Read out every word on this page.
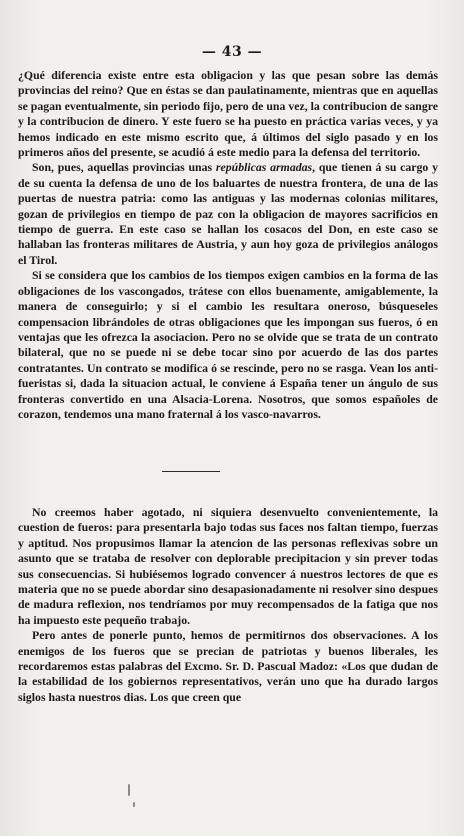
— 43 —

¿Qué diferencia existe entre esta obligacion y las que pesan sobre las demás provincias del reino? Que en éstas se dan paulatinamente, mientras que en aquellas se pagan eventualmente, sin periodo fijo, pero de una vez, la contribucion de sangre y la contribucion de dinero. Y este fuero se ha puesto en práctica varias veces, y ya hemos indicado en este mismo escrito que, á últimos del siglo pasado y en los primeros años del presente, se acudió á este medio para la defensa del territorio.

Son, pues, aquellas provincias unas repúblicas armadas, que tienen á su cargo y de su cuenta la defensa de uno de los baluartes de nuestra frontera, de una de las puertas de nuestra patria: como las antiguas y las modernas colonias militares, gozan de privilegios en tiempo de paz con la obligacion de mayores sacrificios en tiempo de guerra. En este caso se hallan los cosacos del Don, en este caso se hallaban las fronteras militares de Austria, y aun hoy goza de privilegios análogos el Tirol.

Si se considera que los cambios de los tiempos exigen cambios en la forma de las obligaciones de los vascongados, trátese con ellos buenamente, amigablemente, la manera de conseguirlo; y si el cambio les resultara oneroso, búsqueseles compensacion librándoles de otras obligaciones que les impongan sus fueros, ó en ventajas que les ofrezca la asociacion. Pero no se olvide que se trata de un contrato bilateral, que no se puede ni se debe tocar sino por acuerdo de las dos partes contratantes. Un contrato se modifica ó se rescinde, pero no se rasga. Vean los anti-fueristas si, dada la situacion actual, le conviene á España tener un ángulo de sus fronteras convertido en una Alsacia-Lorena. Nosotros, que somos españoles de corazon, tendemos una mano fraternal á los vasco-navarros.

No creemos haber agotado, ni siquiera desenvuelto convenientemente, la cuestion de fueros: para presentarla bajo todas sus faces nos faltan tiempo, fuerzas y aptitud. Nos propusimos llamar la atencion de las personas reflexivas sobre un asunto que se trataba de resolver con deplorable precipitacion y sin prever todas sus consecuencias. Si hubiésemos logrado convencer á nuestros lectores de que es materia que no se puede abordar sino desapasionadamente ni resolver sino despues de madura reflexion, nos tendríamos por muy recompensados de la fatiga que nos ha impuesto este pequeño trabajo.

Pero antes de ponerle punto, hemos de permitirnos dos observaciones. A los enemigos de los fueros que se precian de patriotas y buenos liberales, les recordaremos estas palabras del Excmo. Sr. D. Pascual Madoz: «Los que dudan de la estabilidad de los gobiernos representativos, verán uno que ha durado largos siglos hasta nuestros dias. Los que creen que
